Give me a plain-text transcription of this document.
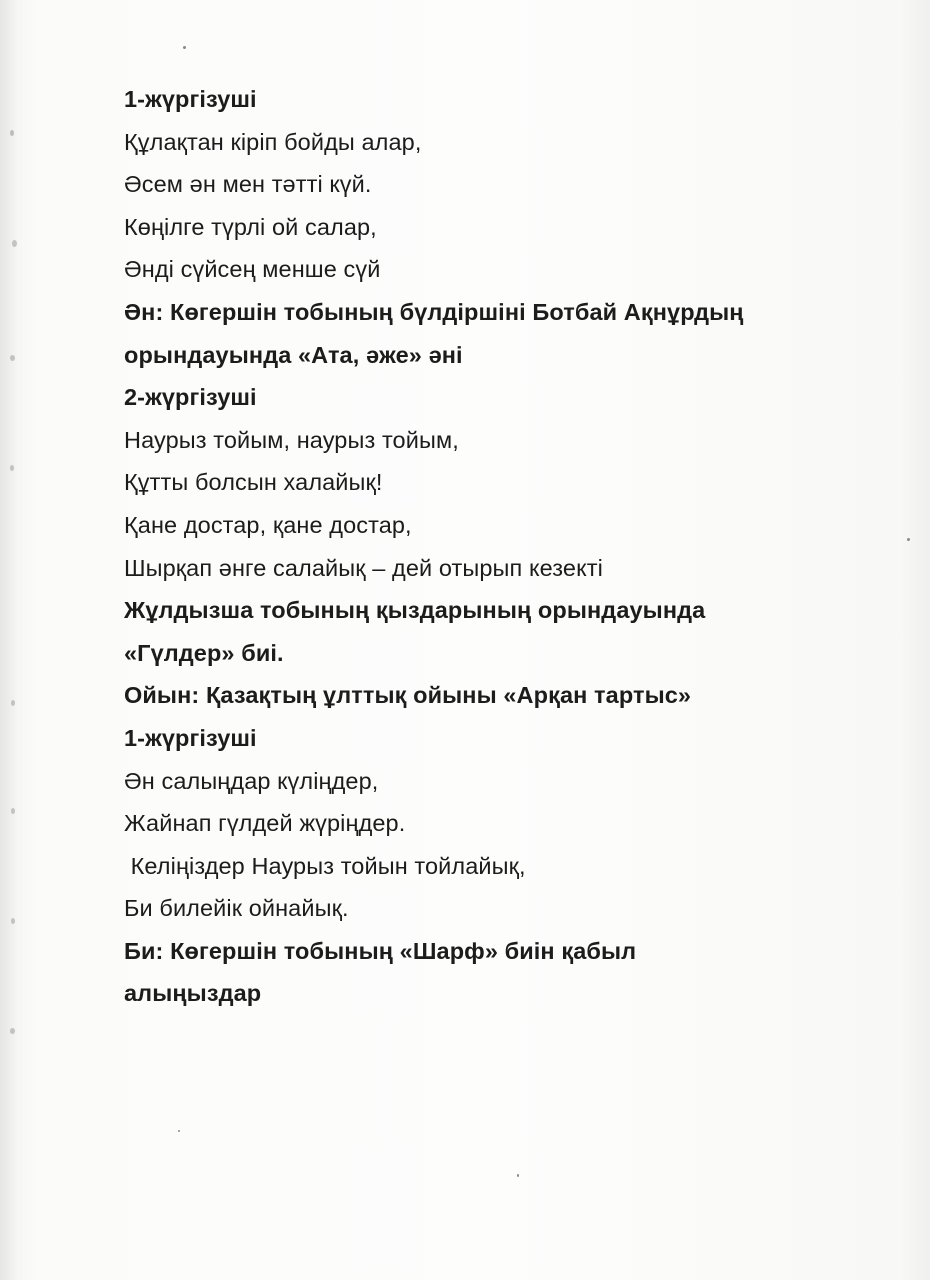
1-жүргізуші
Құлақтан кіріп бойды алар,
Әсем ән мен тәтті күй.
Көңілге түрлі ой салар,
Әнді сүйсең менше сүй
Ән: Көгершін тобының бүлдіршіні Ботбай Ақнұрдың
орындауында «Ата, әже» әні
2-жүргізуші
Наурыз тойым, наурыз тойым,
Құтты болсын халайық!
Қане достар, қане достар,
Шырқап әнге салайық – дей отырып кезекті
Жұлдызша тобының қыздарының орындауында
«Гүлдер» биі.
Ойын: Қазақтың ұлттық ойыны «Арқан тартыс»
1-жүргізуші
Ән салыңдар күліңдер,
Жайнап гүлдей жүріңдер.
Келіңіздер Наурыз тойын тойлайық,
Би билейік ойнайық.
Би: Көгершін тобының «Шарф» биін қабыл
алыңыздар
